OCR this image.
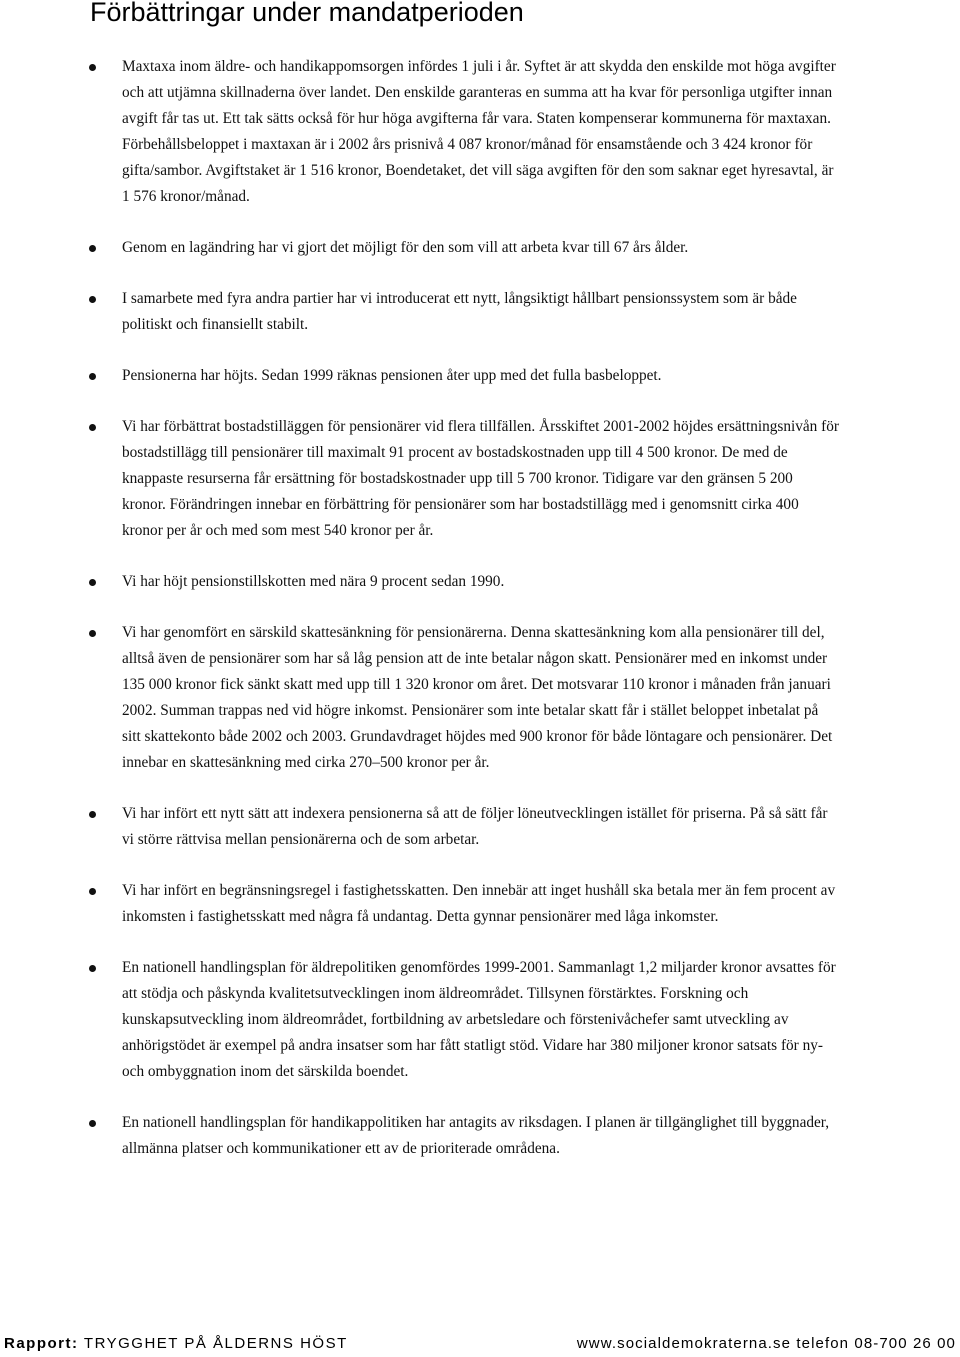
Förbättringar under mandatperioden
Maxtaxa inom äldre- och handikappomsorgen infördes 1 juli i år. Syftet är att skydda den enskilde mot höga avgifter och att utjämna skillnaderna över landet. Den enskilde garanteras en summa att ha kvar för personliga utgifter innan avgift får tas ut. Ett tak sätts också för hur höga avgifterna får vara. Staten kompenserar kommunerna för maxtaxan. Förbehållsbeloppet i maxtaxan är i 2002 års prisnivå 4 087 kronor/månad för ensamstående och 3 424 kronor för gifta/sambor. Avgiftstaket är 1 516 kronor, Boendetaket, det vill säga avgiften för den som saknar eget hyresavtal, är 1 576 kronor/månad.
Genom en lagändring har vi gjort det möjligt för den som vill att arbeta kvar till 67 års ålder.
I samarbete med fyra andra partier har vi introducerat ett nytt, långsiktigt hållbart pensionssystem som är både politiskt och finansiellt stabilt.
Pensionerna har höjts. Sedan 1999 räknas pensionen åter upp med det fulla basbeloppet.
Vi har förbättrat bostadstilläggen för pensionärer vid flera tillfällen. Årsskiftet 2001-2002 höjdes ersättningsnivån för bostadstillägg till pensionärer till maximalt 91 procent av bostadskostnaden upp till 4 500 kronor. De med de knappaste resurserna får ersättning för bostadskostnader upp till 5 700 kronor. Tidigare var den gränsen 5 200 kronor. Förändringen innebar en förbättring för pensionärer som har bostadstillägg med i genomsnitt cirka 400 kronor per år och med som mest 540 kronor per år.
Vi har höjt pensionstillskotten med nära 9 procent sedan 1990.
Vi har genomfört en särskild skattesänkning för pensionärerna. Denna skattesänkning kom alla pensionärer till del, alltså även de pensionärer som har så låg pension att de inte betalar någon skatt. Pensionärer med en inkomst under 135 000 kronor fick sänkt skatt med upp till 1 320 kronor om året. Det motsvarar 110 kronor i månaden från januari 2002. Summan trappas ned vid högre inkomst. Pensionärer som inte betalar skatt får i stället beloppet inbetalat på sitt skattekonto både 2002 och 2003. Grundavdraget höjdes med 900 kronor för både löntagare och pensionärer. Det innebar en skattesänkning med cirka 270–500 kronor per år.
Vi har infört ett nytt sätt att indexera pensionerna så att de följer löneutvecklingen istället för priserna. På så sätt får vi större rättvisa mellan pensionärerna och de som arbetar.
Vi har infört en begränsningsregel i fastighetsskatten. Den innebär att inget hushåll ska betala mer än fem procent av inkomsten i fastighetsskatt med några få undantag. Detta gynnar pensionärer med låga inkomster.
En nationell handlingsplan för äldrepolitiken genomfördes 1999-2001. Sammanlagt 1,2 miljarder kronor avsattes för att stödja och påskynda kvalitetsutvecklingen inom äldreområdet. Tillsynen förstärktes. Forskning och kunskapsutveckling inom äldreområdet, fortbildning av arbetsledare och förstenivåchefer samt utveckling av anhörigstödet är exempel på andra insatser som har fått statligt stöd. Vidare har 380 miljoner kronor satsats för ny- och ombyggnation inom det särskilda boendet.
En nationell handlingsplan för handikappolitiken har antagits av riksdagen. I planen är tillgänglighet till byggnader, allmänna platser och kommunikationer ett av de prioriterade områdena.
Rapport: TRYGGHET PÅ ÅLDERNS HÖST	www.socialdemokraterna.se telefon 08-700 26 00
